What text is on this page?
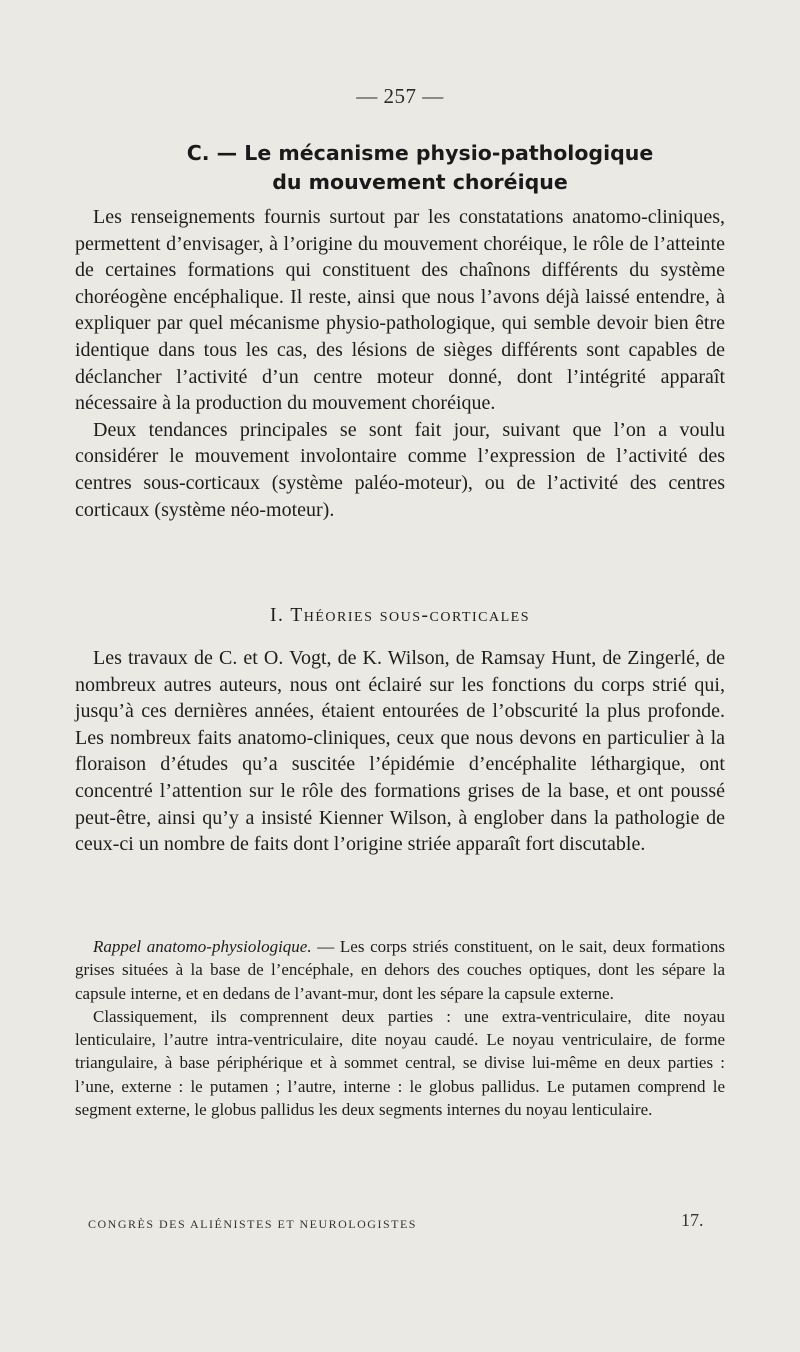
— 257 —
C. — Le mécanisme physio-pathologique
du mouvement choréique

Les renseignements fournis surtout par les constatations anatomo-cliniques, permettent d’envisager, à l’origine du mouvement choréique, le rôle de l’atteinte de certaines formations qui constituent des chaînons différents du système choréogène encéphalique. Il reste, ainsi que nous l’avons déjà laissé entendre, à expliquer par quel mécanisme physio-pathologique, qui semble devoir bien être identique dans tous les cas, des lésions de sièges différents sont capables de déclancher l’activité d’un centre moteur donné, dont l’intégrité apparaît nécessaire à la production du mouvement choréique.

Deux tendances principales se sont fait jour, suivant que l’on a voulu considérer le mouvement involontaire comme l’expression de l’activité des centres sous-corticaux (système paléo-moteur), ou de l’activité des centres corticaux (système néo-moteur).

I. Théories sous-corticales

Les travaux de C. et O. Vogt, de K. Wilson, de Ramsay Hunt, de Zingerlé, de nombreux autres auteurs, nous ont éclairé sur les fonctions du corps strié qui, jusqu’à ces dernières années, étaient entourées de l’obscurité la plus profonde. Les nombreux faits anatomo-cliniques, ceux que nous devons en particulier à la floraison d’études qu’a suscitée l’épidémie d’encéphalite léthargique, ont concentré l’attention sur le rôle des formations grises de la base, et ont poussé peut-être, ainsi qu’y a insisté Kienner Wilson, à englober dans la pathologie de ceux-ci un nombre de faits dont l’origine striée apparaît fort discutable.

Rappel anatomo-physiologique. — Les corps striés constituent, on le sait, deux formations grises situées à la base de l’encéphale, en dehors des couches optiques, dont les sépare la capsule interne, et en dedans de l’avant-mur, dont les sépare la capsule externe.

Classiquement, ils comprennent deux parties : une extra-ventriculaire, dite noyau lenticulaire, l’autre intra-ventriculaire, dite noyau caudé. Le noyau ventriculaire, de forme triangulaire, à base périphérique et à sommet central, se divise lui-même en deux parties : l’une, externe : le putamen ; l’autre, interne : le globus pallidus. Le putamen comprend le segment externe, le globus pallidus les deux segments internes du noyau lenticulaire.

CONGRÈS DES ALIÉNISTES ET NEUROLOGISTES	17.
